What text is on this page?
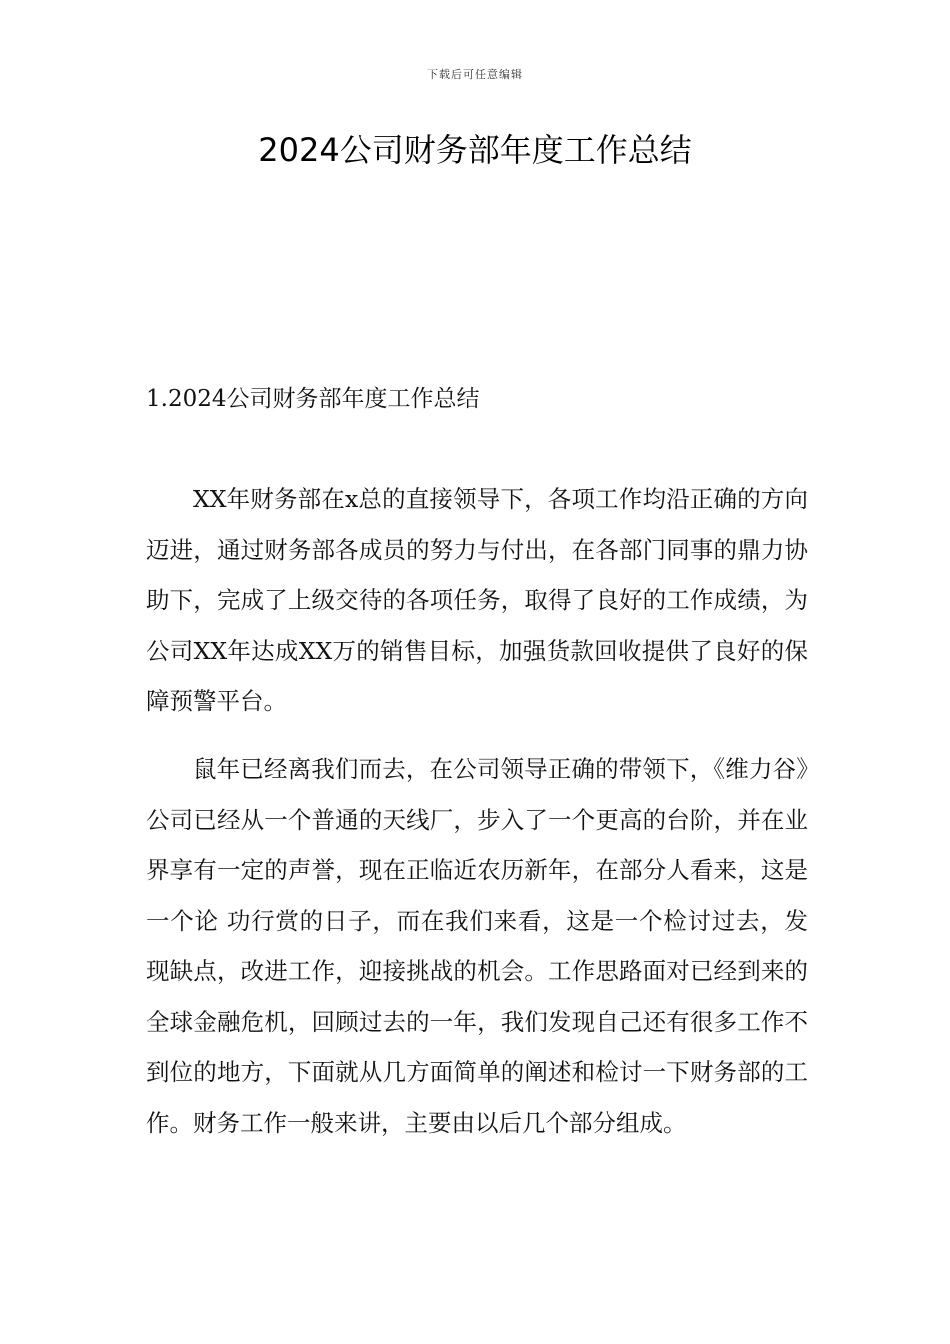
下载后可任意编辑
2024公司财务部年度工作总结

1.2024公司财务部年度工作总结

XX年财务部在x总的直接领导下，各项工作均沿正确的方向迈进，通过财务部各成员的努力与付出，在各部门同事的鼎力协助下，完成了上级交待的各项任务，取得了良好的工作成绩，为公司XX年达成XX万的销售目标，加强货款回收提供了良好的保障预警平台。

鼠年已经离我们而去，在公司领导正确的带领下，《维力谷》公司已经从一个普通的天线厂，步入了一个更高的台阶，并在业界享有一定的声誉，现在正临近农历新年，在部分人看来，这是一个论 功行赏的日子，而在我们来看，这是一个检讨过去，发现缺点，改进工作，迎接挑战的机会。工作思路面对已经到来的全球金融危机，回顾过去的一年，我们发现自己还有很多工作不到位的地方，下面就从几方面简单的阐述和检讨一下财务部的工作。财务工作一般来讲，主要由以后几个部分组成。
